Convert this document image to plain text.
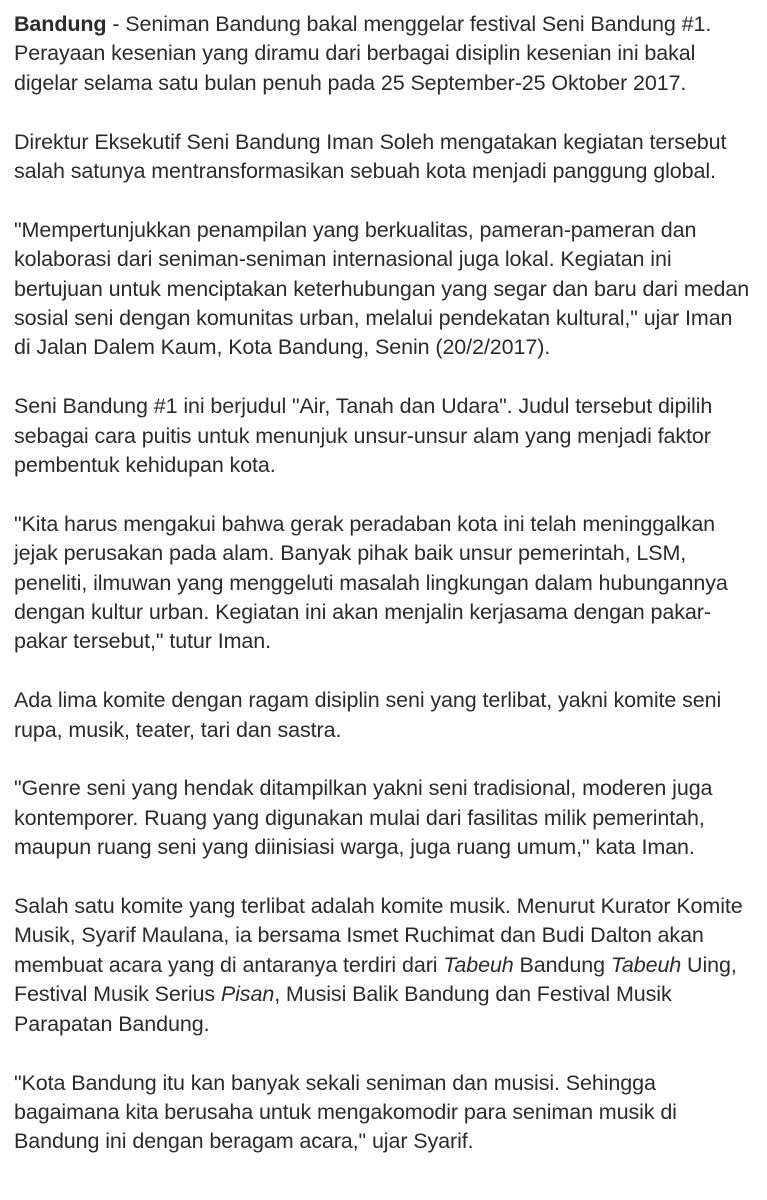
Bandung - Seniman Bandung bakal menggelar festival Seni Bandung #1. Perayaan kesenian yang diramu dari berbagai disiplin kesenian ini bakal digelar selama satu bulan penuh pada 25 September-25 Oktober 2017.

Direktur Eksekutif Seni Bandung Iman Soleh mengatakan kegiatan tersebut salah satunya mentransformasikan sebuah kota menjadi panggung global.

"Mempertunjukkan penampilan yang berkualitas, pameran-pameran dan kolaborasi dari seniman-seniman internasional juga lokal. Kegiatan ini bertujuan untuk menciptakan keterhubungan yang segar dan baru dari medan sosial seni dengan komunitas urban, melalui pendekatan kultural," ujar Iman di Jalan Dalem Kaum, Kota Bandung, Senin (20/2/2017).

Seni Bandung #1 ini berjudul "Air, Tanah dan Udara". Judul tersebut dipilih sebagai cara puitis untuk menunjuk unsur-unsur alam yang menjadi faktor pembentuk kehidupan kota.

"Kita harus mengakui bahwa gerak peradaban kota ini telah meninggalkan jejak perusakan pada alam. Banyak pihak baik unsur pemerintah, LSM, peneliti, ilmuwan yang menggeluti masalah lingkungan dalam hubungannya dengan kultur urban. Kegiatan ini akan menjalin kerjasama dengan pakar-pakar tersebut," tutur Iman.

Ada lima komite dengan ragam disiplin seni yang terlibat, yakni komite seni rupa, musik, teater, tari dan sastra.

"Genre seni yang hendak ditampilkan yakni seni tradisional, moderen juga kontemporer. Ruang yang digunakan mulai dari fasilitas milik pemerintah, maupun ruang seni yang diinisiasi warga, juga ruang umum," kata Iman.

Salah satu komite yang terlibat adalah komite musik. Menurut Kurator Komite Musik, Syarif Maulana, ia bersama Ismet Ruchimat dan Budi Dalton akan membuat acara yang di antaranya terdiri dari Tabeuh Bandung Tabeuh Uing, Festival Musik Serius Pisan, Musisi Balik Bandung dan Festival Musik Parapatan Bandung.

"Kota Bandung itu kan banyak sekali seniman dan musisi. Sehingga bagaimana kita berusaha untuk mengakomodir para seniman musik di Bandung ini dengan beragam acara," ujar Syarif.
